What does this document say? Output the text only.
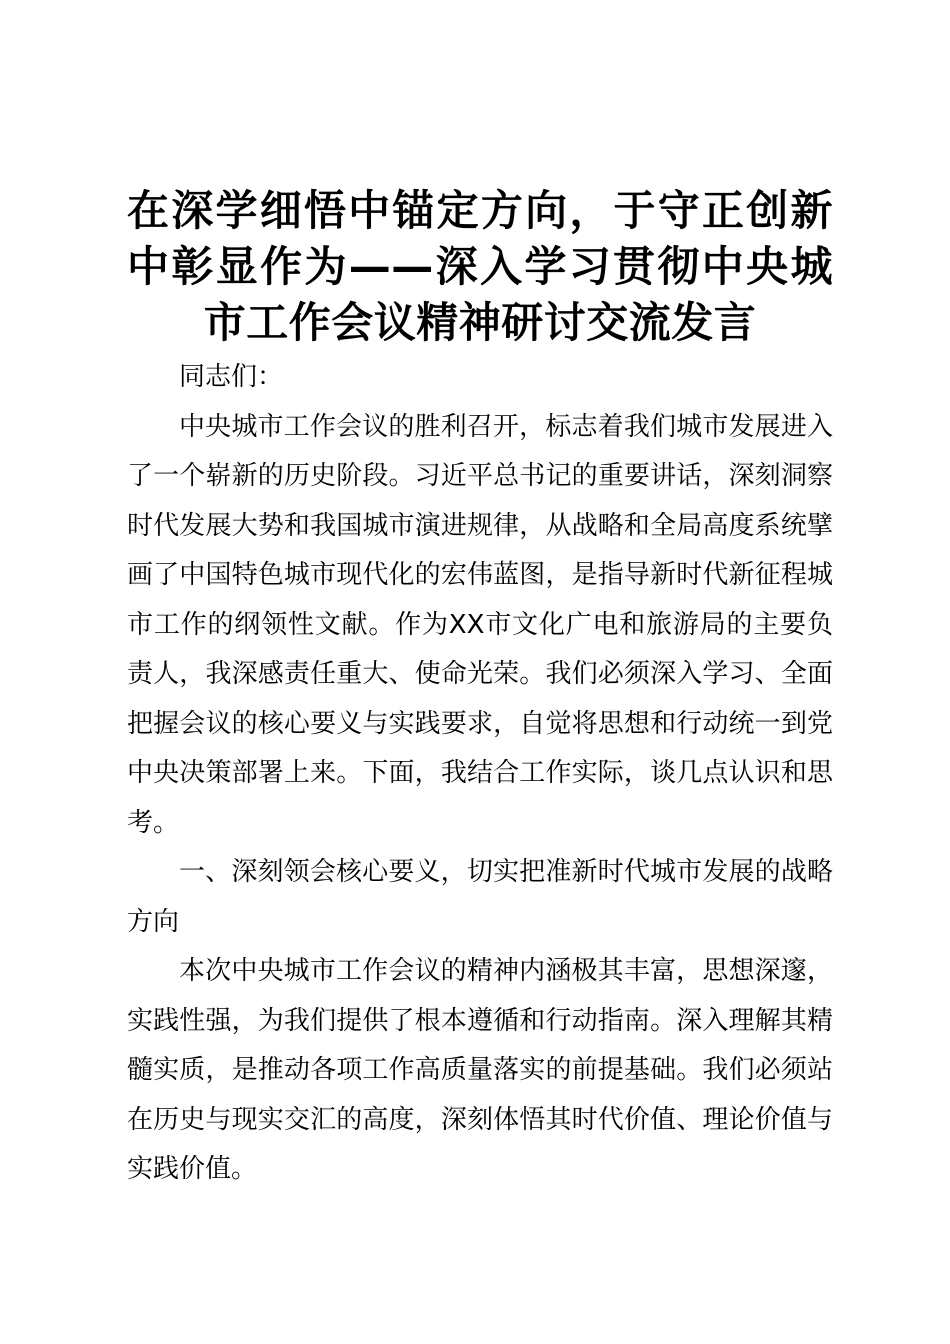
在深学细悟中锚定方向，于守正创新中彰显作为——深入学习贯彻中央城市工作会议精神研讨交流发言

同志们：

中央城市工作会议的胜利召开，标志着我们城市发展进入了一个崭新的历史阶段。习近平总书记的重要讲话，深刻洞察时代发展大势和我国城市演进规律，从战略和全局高度系统擘画了中国特色城市现代化的宏伟蓝图，是指导新时代新征程城市工作的纲领性文献。作为XX市文化广电和旅游局的主要负责人，我深感责任重大、使命光荣。我们必须深入学习、全面把握会议的核心要义与实践要求，自觉将思想和行动统一到党中央决策部署上来。下面，我结合工作实际，谈几点认识和思考。

一、深刻领会核心要义，切实把准新时代城市发展的战略方向

本次中央城市工作会议的精神内涵极其丰富，思想深邃，实践性强，为我们提供了根本遵循和行动指南。深入理解其精髓实质，是推动各项工作高质量落实的前提基础。我们必须站在历史与现实交汇的高度，深刻体悟其时代价值、理论价值与实践价值。
